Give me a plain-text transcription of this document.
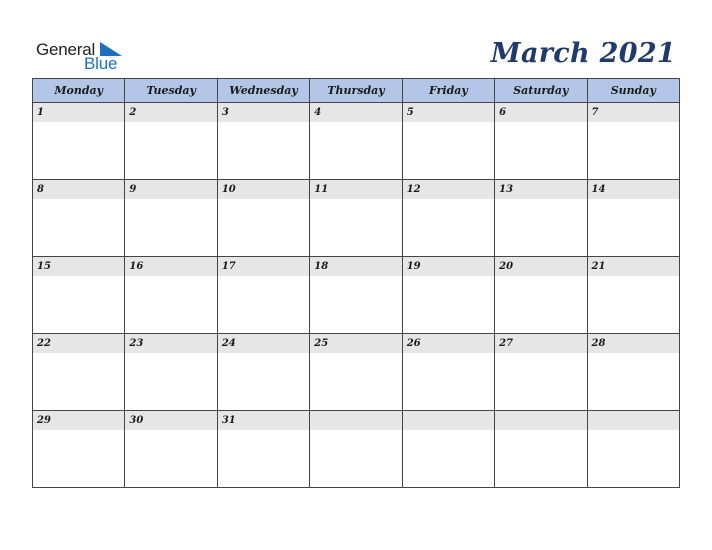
General
Blue	March 2021
Monday	Tuesday	Wednesday	Thursday	Friday	Saturday	Sunday

1	2	3	4	5	6	7

8	9	10	11	12	13	14

15	16	17	18	19	20	21

22	23	24	25	26	27	28

29	30	31				
